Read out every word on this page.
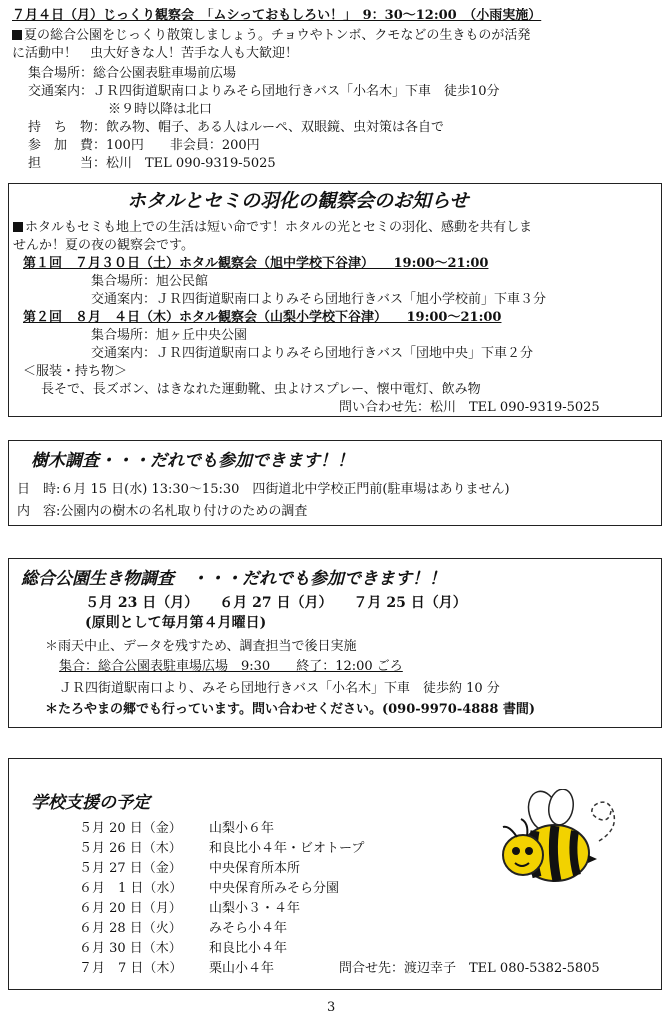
７月４日（月）じっくり観察会　「ムシっておもしろい！」　9：30～12:00　（小雨実施）
夏の総合公園をじっくり散策しましょう。チョウやトンボ、クモなどの生きものが活発
に活動中！　虫大好きな人！苦手な人も大歓迎！
集合場所：総合公園表駐車場前広場
交通案内：ＪＲ四街道駅南口よりみそら団地行きバス「小名木」下車　徒歩10分
※９時以降は北口
持　ち　物：飲み物、帽子、ある人はルーペ、双眼鏡、虫対策は各自で
参　加　費：100円　　非会員：200円
担　　　当：松川　TEL 090-9319-5025
ホタルとセミの羽化の観察会のお知らせ
ホタルもセミも地上での生活は短い命です！ホタルの光とセミの羽化、感動を共有しま
せんか！夏の夜の観察会です。
第１回　７月３０日（土）ホタル観察会（旭中学校下谷津）　　19:00～21:00
集合場所：旭公民館
交通案内：ＪＲ四街道駅南口よりみそら団地行きバス「旭小学校前」下車３分
第２回　８月　４日（木）ホタル観察会（山梨小学校下谷津）　　19:00～21:00
集合場所：旭ヶ丘中央公園
交通案内：ＪＲ四街道駅南口よりみそら団地行きバス「団地中央」下車２分
＜服装・持ち物＞
長そで、長ズボン、はきなれた運動靴、虫よけスプレー、懐中電灯、飲み物
問い合わせ先：松川　TEL 090-9319-5025
樹木調査・・・だれでも参加できます！！
日　時:６月 15 日(水) 13:30～15:30　四街道北中学校正門前(駐車場はありません)
内　容:公園内の樹木の名札取り付けのための調査
総合公園生き物調査　・・・だれでも参加できます！！
５月 23 日（月）　　６月 27 日（月）　　７月 25 日（月）
(原則として毎月第４月曜日)
＊雨天中止、データを残すため、調査担当で後日実施
集合：総合公園表駐車場広場　9:30　　終了：12:00 ごろ
ＪＲ四街道駅南口より、みそら団地行きバス「小名木」下車　徒歩約 10 分
＊たろやまの郷でも行っています。問い合わせください。(090-9970-4888 書間)
学校支援の予定
５月 20 日（金）	山梨小６年
５月 26 日（木）	和良比小４年・ビオトープ
５月 27 日（金）	中央保育所本所
６月　1 日（水）	中央保育所みそら分園
６月 20 日（月）	山梨小３・４年
６月 28 日（火）	みそら小４年
６月 30 日（木）	和良比小４年
７月　7 日（木）	栗山小４年	問合せ先：渡辺幸子　TEL 080-5382-5805
3
